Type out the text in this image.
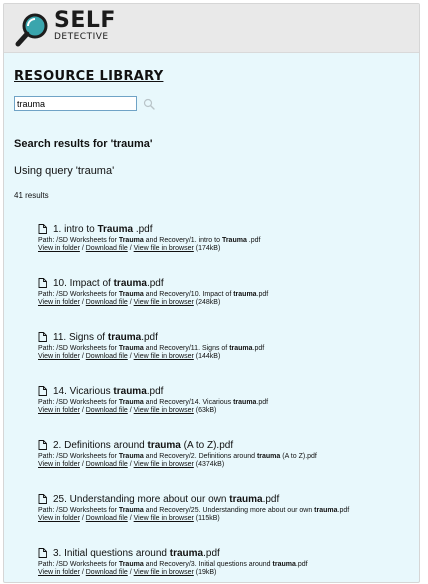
SELF
DETECTIVE
RESOURCE LIBRARY
trauma
Search results for 'trauma'
Using query 'trauma'
41 results
1. intro to Trauma .pdf
Path: /SD Worksheets for Trauma and Recovery/1. intro to Trauma .pdf
View in folder / Download file / View file in browser (174kB)
10. Impact of trauma.pdf
Path: /SD Worksheets for Trauma and Recovery/10. Impact of trauma.pdf
View in folder / Download file / View file in browser (248kB)
11. Signs of trauma.pdf
Path: /SD Worksheets for Trauma and Recovery/11. Signs of trauma.pdf
View in folder / Download file / View file in browser (144kB)
14. Vicarious trauma.pdf
Path: /SD Worksheets for Trauma and Recovery/14. Vicarious trauma.pdf
View in folder / Download file / View file in browser (63kB)
2. Definitions around trauma (A to Z).pdf
Path: /SD Worksheets for Trauma and Recovery/2. Definitions around trauma (A to Z).pdf
View in folder / Download file / View file in browser (4374kB)
25. Understanding more about our own trauma.pdf
Path: /SD Worksheets for Trauma and Recovery/25. Understanding more about our own trauma.pdf
View in folder / Download file / View file in browser (115kB)
3. Initial questions around trauma.pdf
Path: /SD Worksheets for Trauma and Recovery/3. Initial questions around trauma.pdf
View in folder / Download file / View file in browser (19kB)
